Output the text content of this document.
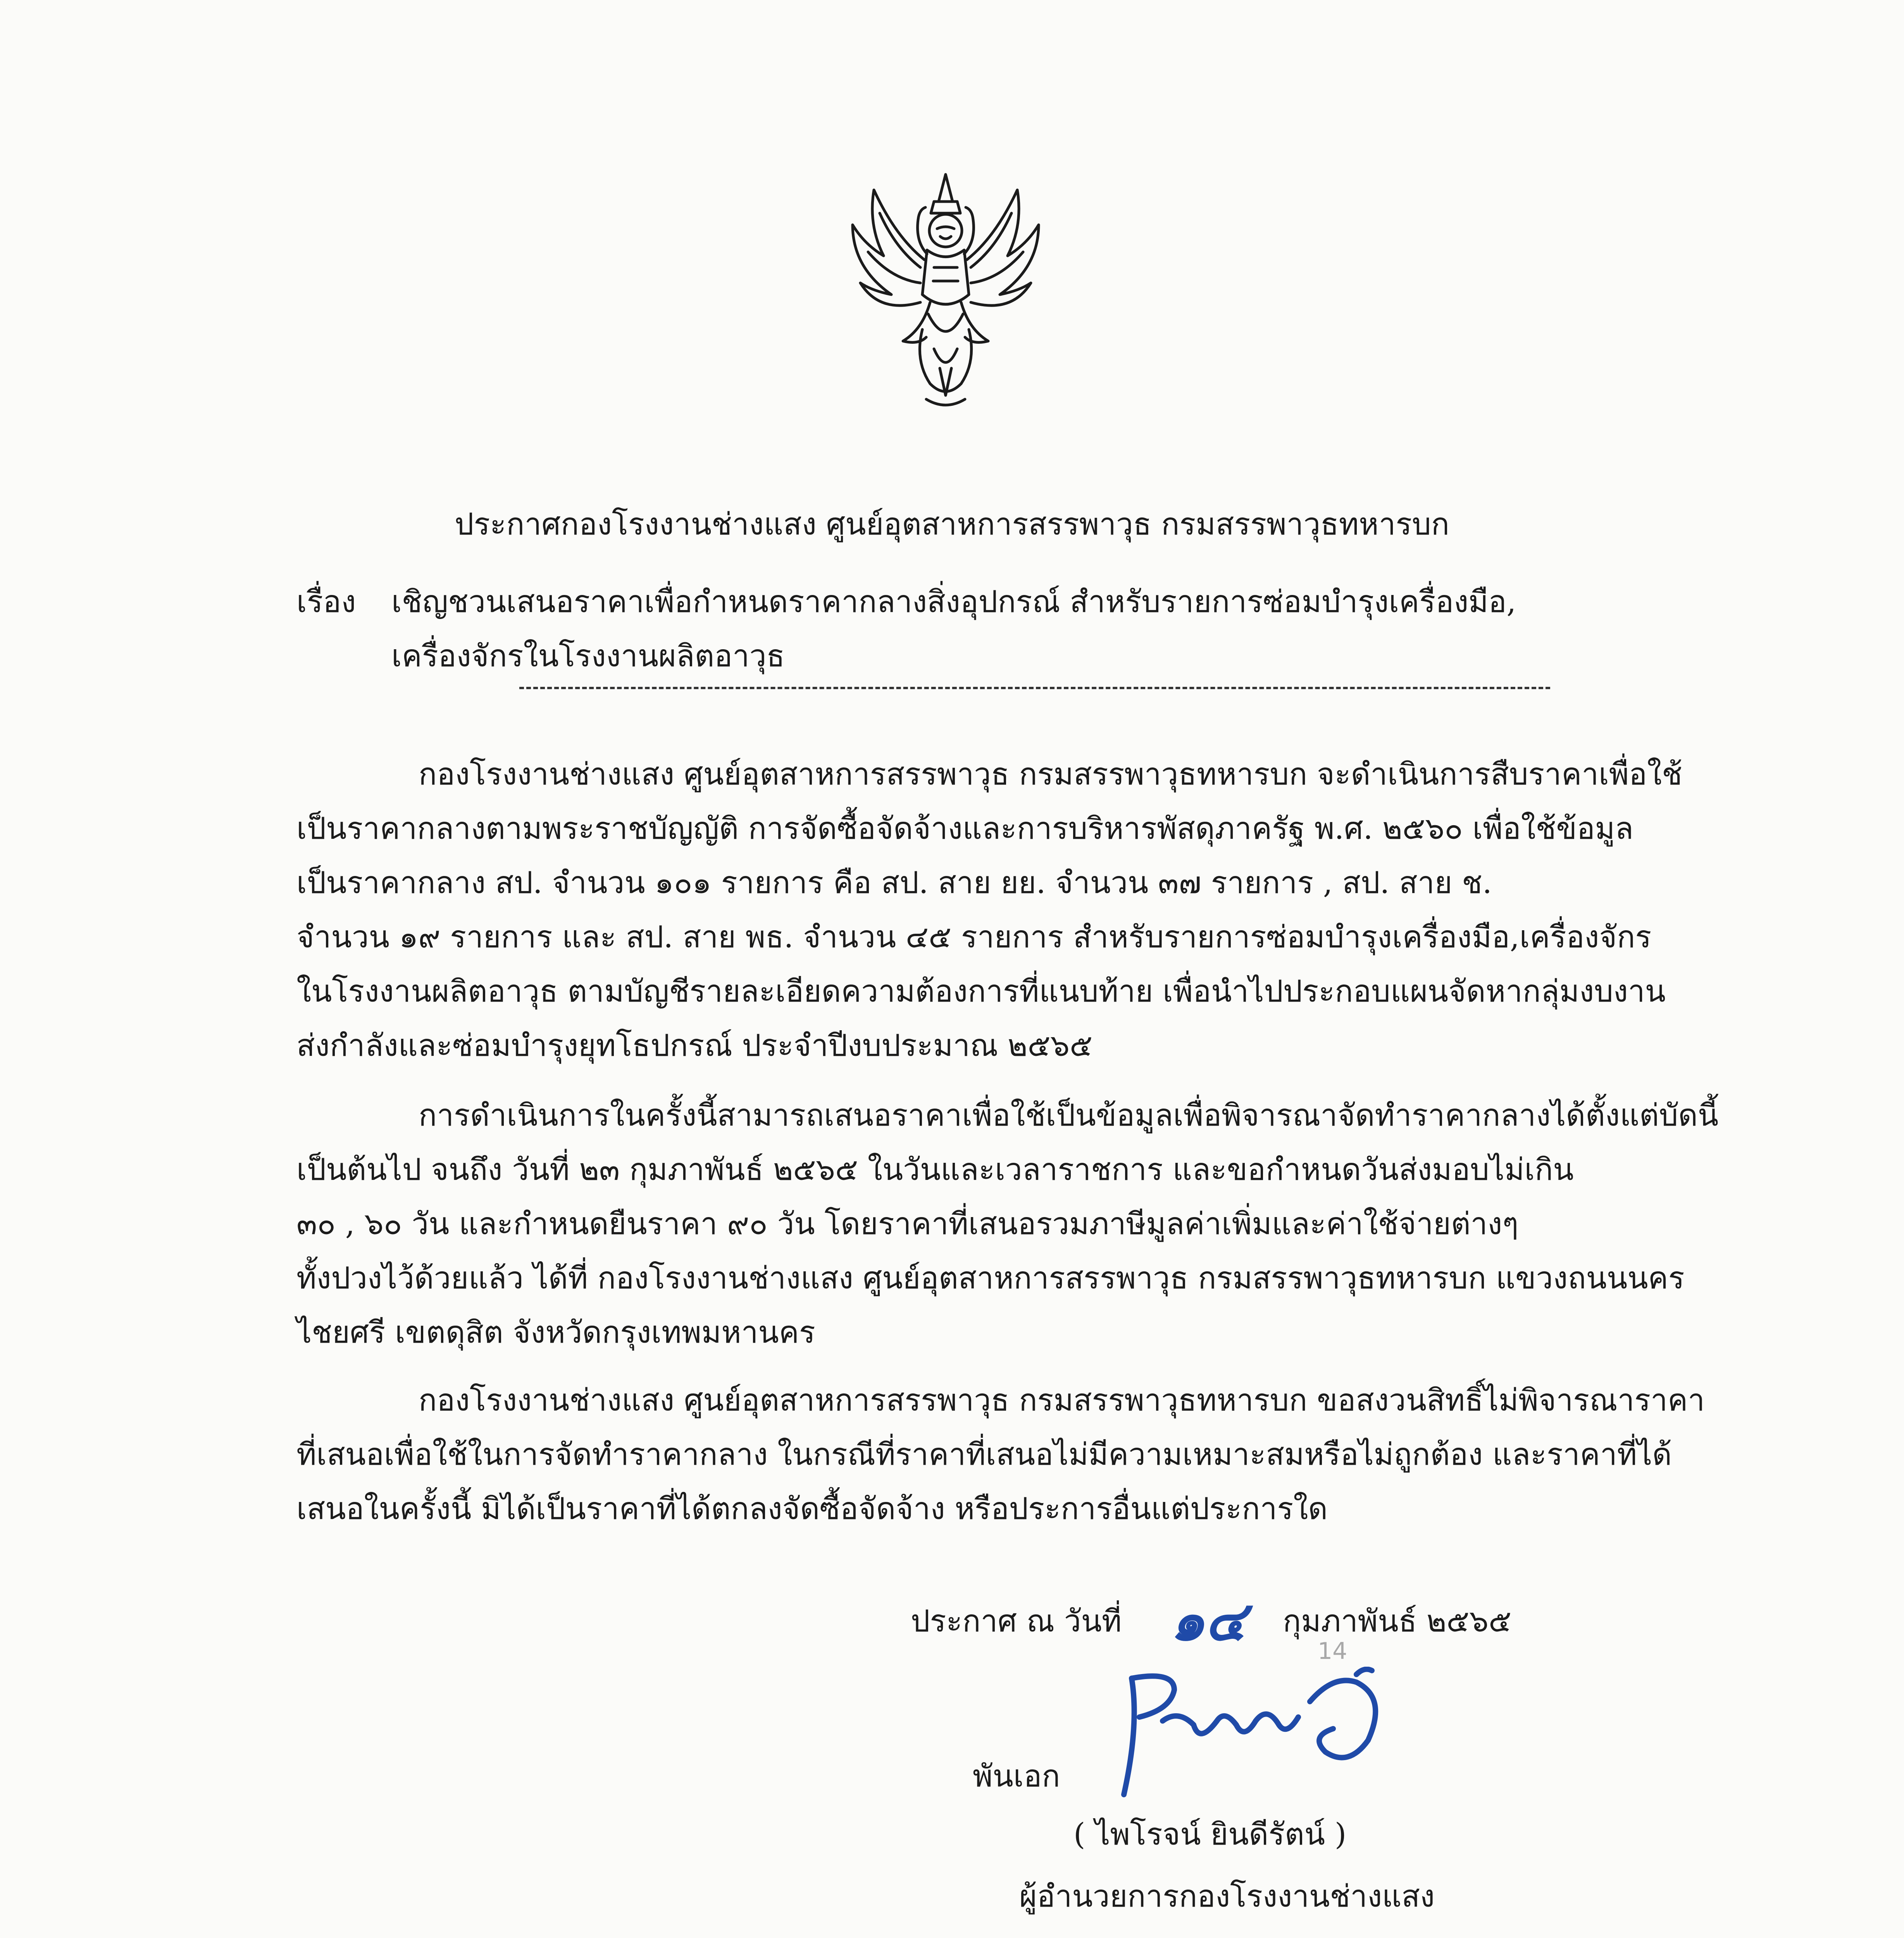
ประกาศกองโรงงานช่างแสง ศูนย์อุตสาหการสรรพาวุธ กรมสรรพาวุธทหารบก
เรื่อง เชิญชวนเสนอราคาเพื่อกำหนดราคากลางสิ่งอุปกรณ์ สำหรับรายการซ่อมบำรุงเครื่องมือ,
เครื่องจักรในโรงงานผลิตอาวุธ
กองโรงงานช่างแสง ศูนย์อุตสาหการสรรพาวุธ กรมสรรพาวุธทหารบก จะดำเนินการสืบราคาเพื่อใช้
เป็นราคากลางตามพระราชบัญญัติ การจัดซื้อจัดจ้างและการบริหารพัสดุภาครัฐ พ.ศ. ๒๕๖๐ เพื่อใช้ข้อมูล
เป็นราคากลาง สป. จำนวน ๑๐๑ รายการ คือ สป. สาย ยย. จำนวน ๓๗ รายการ , สป. สาย ช.
จำนวน ๑๙ รายการ และ สป. สาย พธ. จำนวน ๔๕ รายการ สำหรับรายการซ่อมบำรุงเครื่องมือ,เครื่องจักร
ในโรงงานผลิตอาวุธ ตามบัญชีรายละเอียดความต้องการที่แนบท้าย เพื่อนำไปประกอบแผนจัดหากลุ่มงบงาน
ส่งกำลังและซ่อมบำรุงยุทโธปกรณ์ ประจำปีงบประมาณ ๒๕๖๕
การดำเนินการในครั้งนี้สามารถเสนอราคาเพื่อใช้เป็นข้อมูลเพื่อพิจารณาจัดทำราคากลางได้ตั้งแต่บัดนี้
เป็นต้นไป จนถึง วันที่ ๒๓ กุมภาพันธ์ ๒๕๖๕ ในวันและเวลาราชการ และขอกำหนดวันส่งมอบไม่เกิน
๓๐ , ๖๐ วัน และกำหนดยืนราคา ๙๐ วัน โดยราคาที่เสนอรวมภาษีมูลค่าเพิ่มและค่าใช้จ่ายต่างๆ
ทั้งปวงไว้ด้วยแล้ว ได้ที่ กองโรงงานช่างแสง ศูนย์อุตสาหการสรรพาวุธ กรมสรรพาวุธทหารบก แขวงถนนนคร
ไชยศรี เขตดุสิต จังหวัดกรุงเทพมหานคร
กองโรงงานช่างแสง ศูนย์อุตสาหการสรรพาวุธ กรมสรรพาวุธทหารบก ขอสงวนสิทธิ์ไม่พิจารณาราคา
ที่เสนอเพื่อใช้ในการจัดทำราคากลาง ในกรณีที่ราคาที่เสนอไม่มีความเหมาะสมหรือไม่ถูกต้อง และราคาที่ได้
เสนอในครั้งนี้ มิได้เป็นราคาที่ได้ตกลงจัดซื้อจัดจ้าง หรือประการอื่นแต่ประการใด
ประกาศ ณ วันที่ ๑๔ กุมภาพันธ์ ๒๕๖๕
14
พันเอก
( ไพโรจน์ ยินดีรัตน์ )
ผู้อำนวยการกองโรงงานช่างแสง
